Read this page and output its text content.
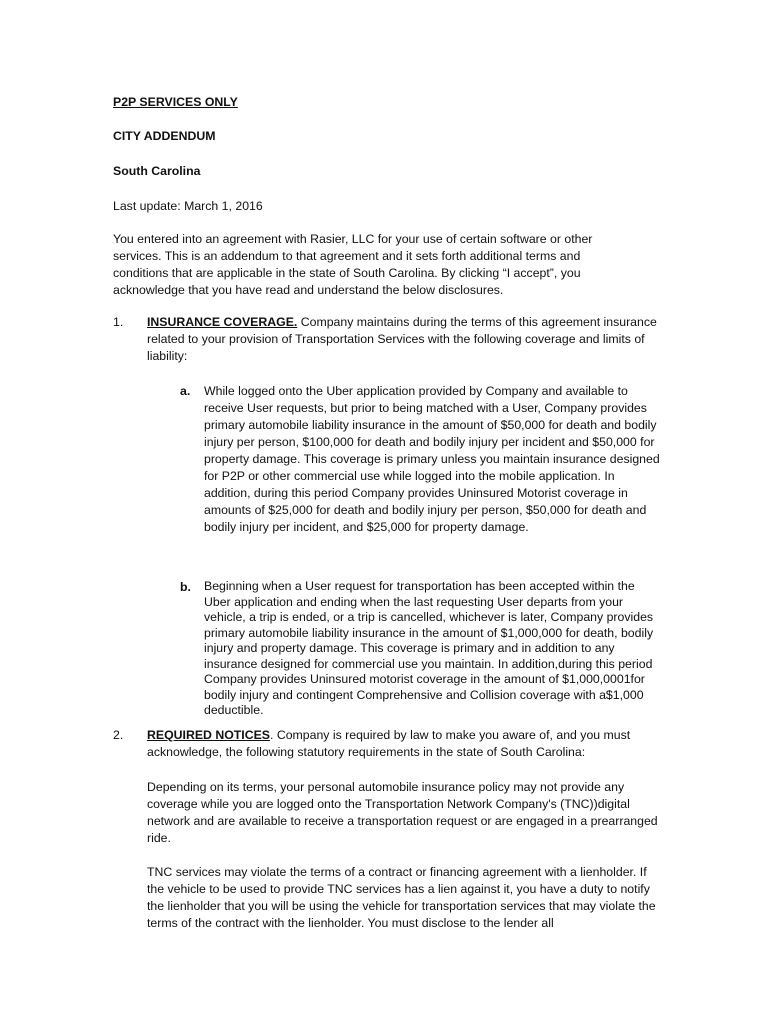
P2P SERVICES ONLY

CITY ADDENDUM

South Carolina

Last update: March 1, 2016

You entered into an agreement with Rasier, LLC for your use of certain software or other services. This is an addendum to that agreement and it sets forth additional terms and conditions that are applicable in the state of South Carolina. By clicking “I accept”, you acknowledge that you have read and understand the below disclosures.

1. INSURANCE COVERAGE. Company maintains during the terms of this agreement insurance related to your provision of Transportation Services with the following coverage and limits of liability:

a. While logged onto the Uber application provided by Company and available to receive User requests, but prior to being matched with a User, Company provides primary automobile liability insurance in the amount of $50,000 for death and bodily injury per person, $100,000 for death and bodily injury per incident and $50,000 for property damage. This coverage is primary unless you maintain insurance designed for P2P or other commercial use while logged into the mobile application. In addition, during this period Company provides Uninsured Motorist coverage in amounts of $25,000 for death and bodily injury per person, $50,000 for death and bodily injury per incident, and $25,000 for property damage.

b. Beginning when a User request for transportation has been accepted within the Uber application and ending when the last requesting User departs from your vehicle, a trip is ended, or a trip is cancelled, whichever is later, Company provides primary automobile liability insurance in the amount of $1,000,000 for death, bodily injury and property damage. This coverage is primary and in addition to any insurance designed for commercial use you maintain. In addition,during this period Company provides Uninsured motorist coverage in the amount of $1,000,0001for bodily injury and contingent Comprehensive and Collision coverage with a$1,000 deductible.

2. REQUIRED NOTICES. Company is required by law to make you aware of, and you must acknowledge, the following statutory requirements in the state of South Carolina:

Depending on its terms, your personal automobile insurance policy may not provide any coverage while you are logged onto the Transportation Network Company's (TNC))digital network and are available to receive a transportation request or are engaged in a prearranged ride.

TNC services may violate the terms of a contract or financing agreement with a lienholder. If the vehicle to be used to provide TNC services has a lien against it, you have a duty to notify the lienholder that you will be using the vehicle for transportation services that may violate the terms of the contract with the lienholder. You must disclose to the lender all
